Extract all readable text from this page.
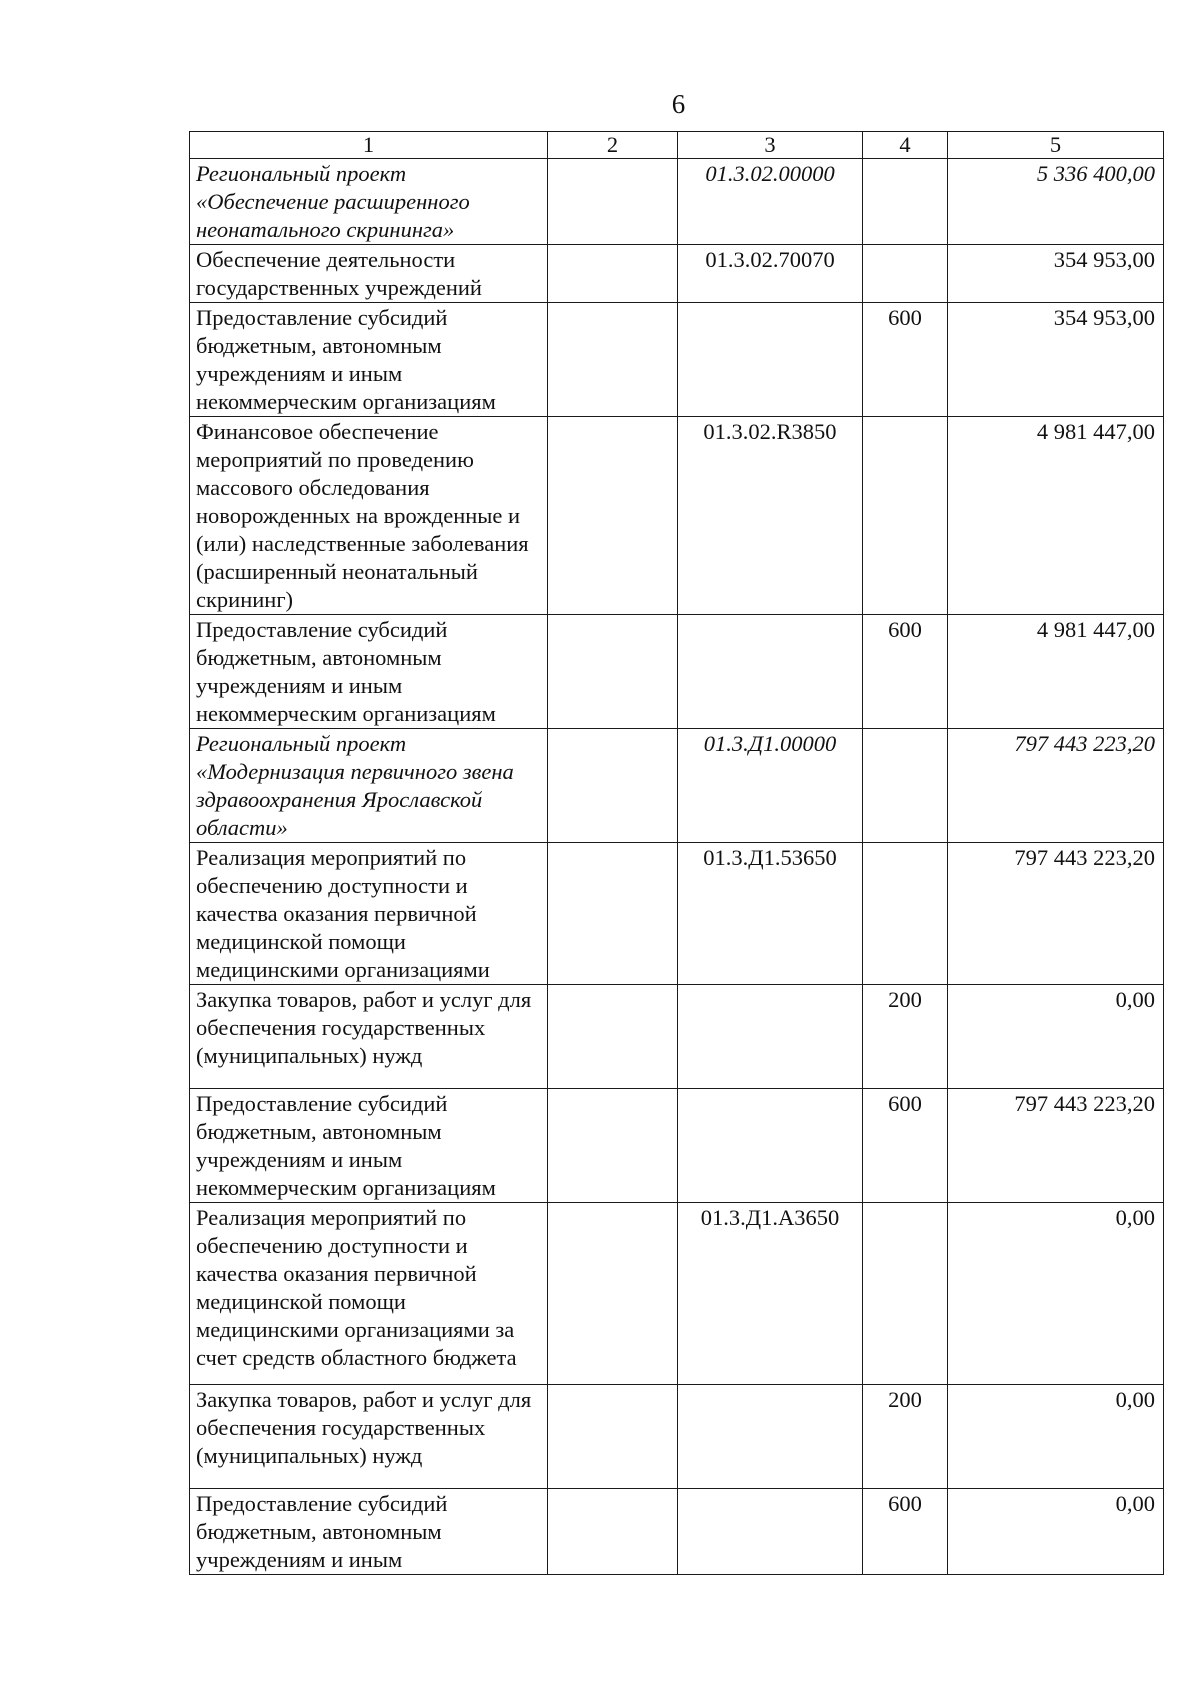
6
1	2	3	4	5
Региональный проект «Обеспечение расширенного неонатального скрининга»		01.3.02.00000		5 336 400,00
Обеспечение деятельности государственных учреждений		01.3.02.70070		354 953,00
Предоставление субсидий бюджетным, автономным учреждениям и иным некоммерческим организациям			600	354 953,00
Финансовое обеспечение мероприятий по проведению массового обследования новорожденных на врожденные и (или) наследственные заболевания (расширенный неонатальный скрининг)		01.3.02.R3850		4 981 447,00
Предоставление субсидий бюджетным, автономным учреждениям и иным некоммерческим организациям			600	4 981 447,00
Региональный проект «Модернизация первичного звена здравоохранения Ярославской области»		01.3.Д1.00000		797 443 223,20
Реализация мероприятий по обеспечению доступности и качества оказания первичной медицинской помощи медицинскими организациями		01.3.Д1.53650		797 443 223,20
Закупка товаров, работ и услуг для обеспечения государственных (муниципальных) нужд			200	0,00
Предоставление субсидий бюджетным, автономным учреждениям и иным некоммерческим организациям			600	797 443 223,20
Реализация мероприятий по обеспечению доступности и качества оказания первичной медицинской помощи медицинскими организациями за счет средств областного бюджета		01.3.Д1.А3650		0,00
Закупка товаров, работ и услуг для обеспечения государственных (муниципальных) нужд			200	0,00
Предоставление субсидий бюджетным, автономным учреждениям и иным			600	0,00
